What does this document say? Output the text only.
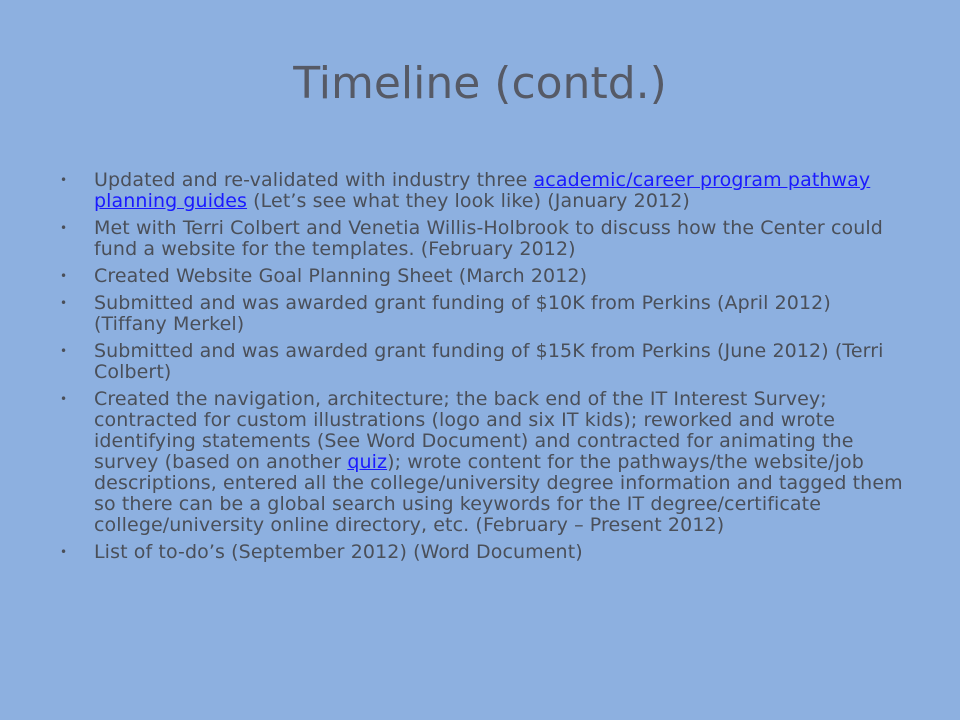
Timeline (contd.)
• Updated and re-validated with industry three academic/career program pathway planning guides (Let’s see what they look like) (January 2012)
• Met with Terri Colbert and Venetia Willis-Holbrook to discuss how the Center could fund a website for the templates. (February 2012)
• Created Website Goal Planning Sheet (March 2012)
• Submitted and was awarded grant funding of $10K from Perkins (April 2012) (Tiffany Merkel)
• Submitted and was awarded grant funding of $15K from Perkins (June 2012) (Terri Colbert)
• Created the navigation, architecture; the back end of the IT Interest Survey; contracted for custom illustrations (logo and six IT kids); reworked and wrote identifying statements (See Word Document) and contracted for animating the survey (based on another quiz); wrote content for the pathways/the website/job descriptions, entered all the college/university degree information and tagged them so there can be a global search using keywords for the IT degree/certificate college/university online directory, etc. (February – Present 2012)
• List of to-do’s (September 2012) (Word Document)
